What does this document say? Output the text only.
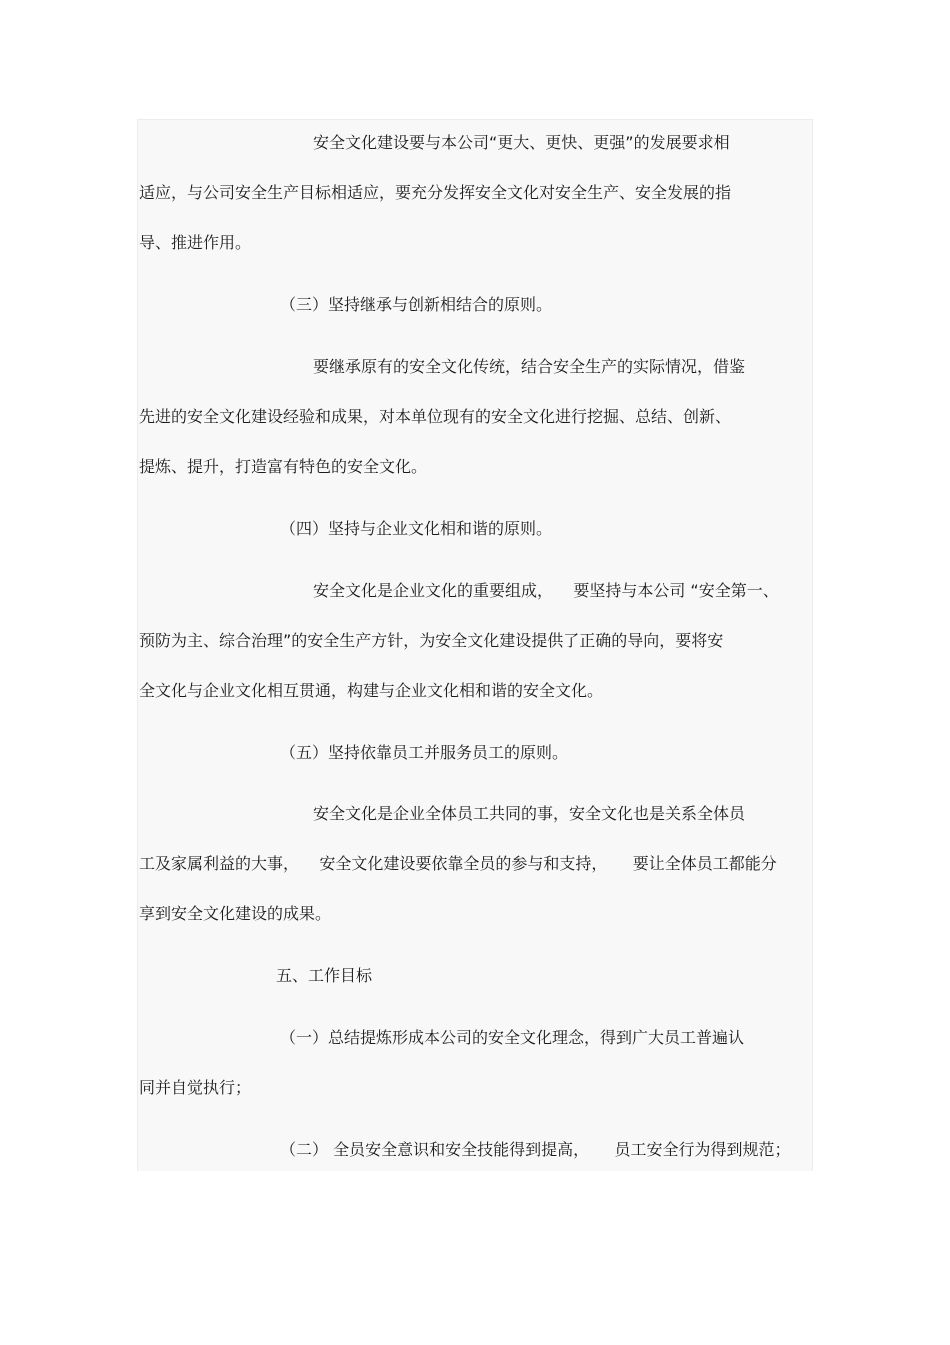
安全文化建设要与本公司“更大、更快、更强”的发展要求相
适应，与公司安全生产目标相适应，要充分发挥安全文化对安全生产、安全发展的指
导、推进作用。
（三）坚持继承与创新相结合的原则。
要继承原有的安全文化传统，结合安全生产的实际情况，借鉴
先进的安全文化建设经验和成果，对本单位现有的安全文化进行挖掘、总结、创新、
提炼、提升，打造富有特色的安全文化。
（四）坚持与企业文化相和谐的原则。
安全文化是企业文化的重要组成，    要坚持与本公司 “安全第一、
预防为主、综合治理”的安全生产方针，为安全文化建设提供了正确的导向，要将安
全文化与企业文化相互贯通，构建与企业文化相和谐的安全文化。
（五）坚持依靠员工并服务员工的原则。
安全文化是企业全体员工共同的事，安全文化也是关系全体员
工及家属利益的大事，    安全文化建设要依靠全员的参与和支持，     要让全体员工都能分
享到安全文化建设的成果。
五、工作目标
（一）总结提炼形成本公司的安全文化理念，得到广大员工普遍认
同并自觉执行；
（二） 全员安全意识和安全技能得到提高，     员工安全行为得到规范；
